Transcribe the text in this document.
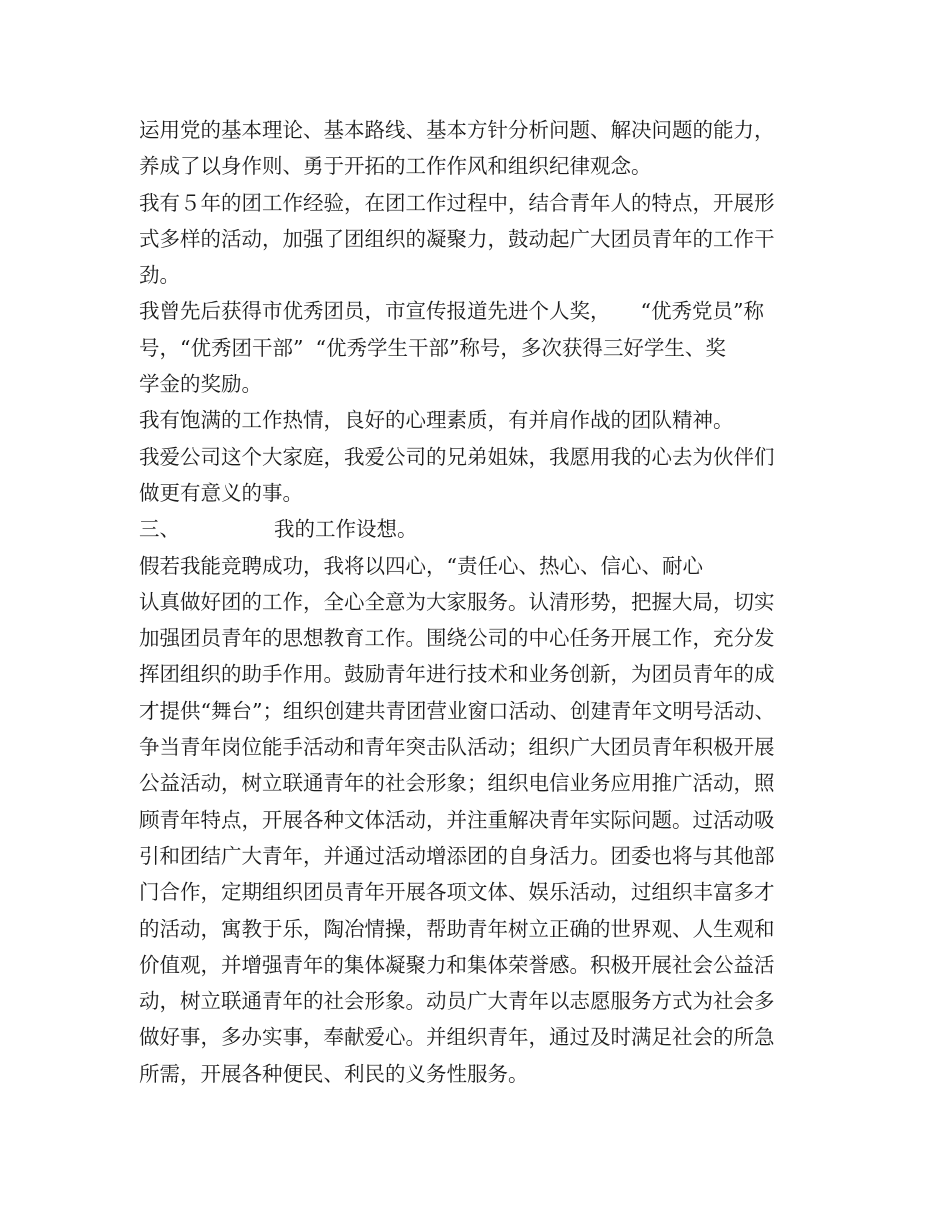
运用党的基本理论、基本路线、基本方针分析问题、解决问题的能力，
养成了以身作则、勇于开拓的工作作风和组织纪律观念。
我有５年的团工作经验，在团工作过程中，结合青年人的特点，开展形
式多样的活动，加强了团组织的凝聚力，鼓动起广大团员青年的工作干
劲。
我曾先后获得市优秀团员，市宣传报道先进个人奖， “优秀党员”称
号，“优秀团干部” “优秀学生干部”称号，多次获得三好学生、奖
学金的奖励。
我有饱满的工作热情，良好的心理素质，有并肩作战的团队精神。
我爱公司这个大家庭，我爱公司的兄弟姐妹，我愿用我的心去为伙伴们
做更有意义的事。
三、	我的工作设想。
假若我能竞聘成功，我将以四心，“责任心、热心、信心、耐心
认真做好团的工作，全心全意为大家服务。认清形势，把握大局，切实
加强团员青年的思想教育工作。围绕公司的中心任务开展工作，充分发
挥团组织的助手作用。鼓励青年进行技术和业务创新，为团员青年的成
才提供“舞台”；组织创建共青团营业窗口活动、创建青年文明号活动、
争当青年岗位能手活动和青年突击队活动；组织广大团员青年积极开展
公益活动，树立联通青年的社会形象；组织电信业务应用推广活动，照
顾青年特点，开展各种文体活动，并注重解决青年实际问题。过活动吸
引和团结广大青年，并通过活动增添团的自身活力。团委也将与其他部
门合作，定期组织团员青年开展各项文体、娱乐活动，过组织丰富多才
的活动，寓教于乐，陶冶情操，帮助青年树立正确的世界观、人生观和
价值观，并增强青年的集体凝聚力和集体荣誉感。积极开展社会公益活
动，树立联通青年的社会形象。动员广大青年以志愿服务方式为社会多
做好事，多办实事，奉献爱心。并组织青年，通过及时满足社会的所急
所需，开展各种便民、利民的义务性服务。
